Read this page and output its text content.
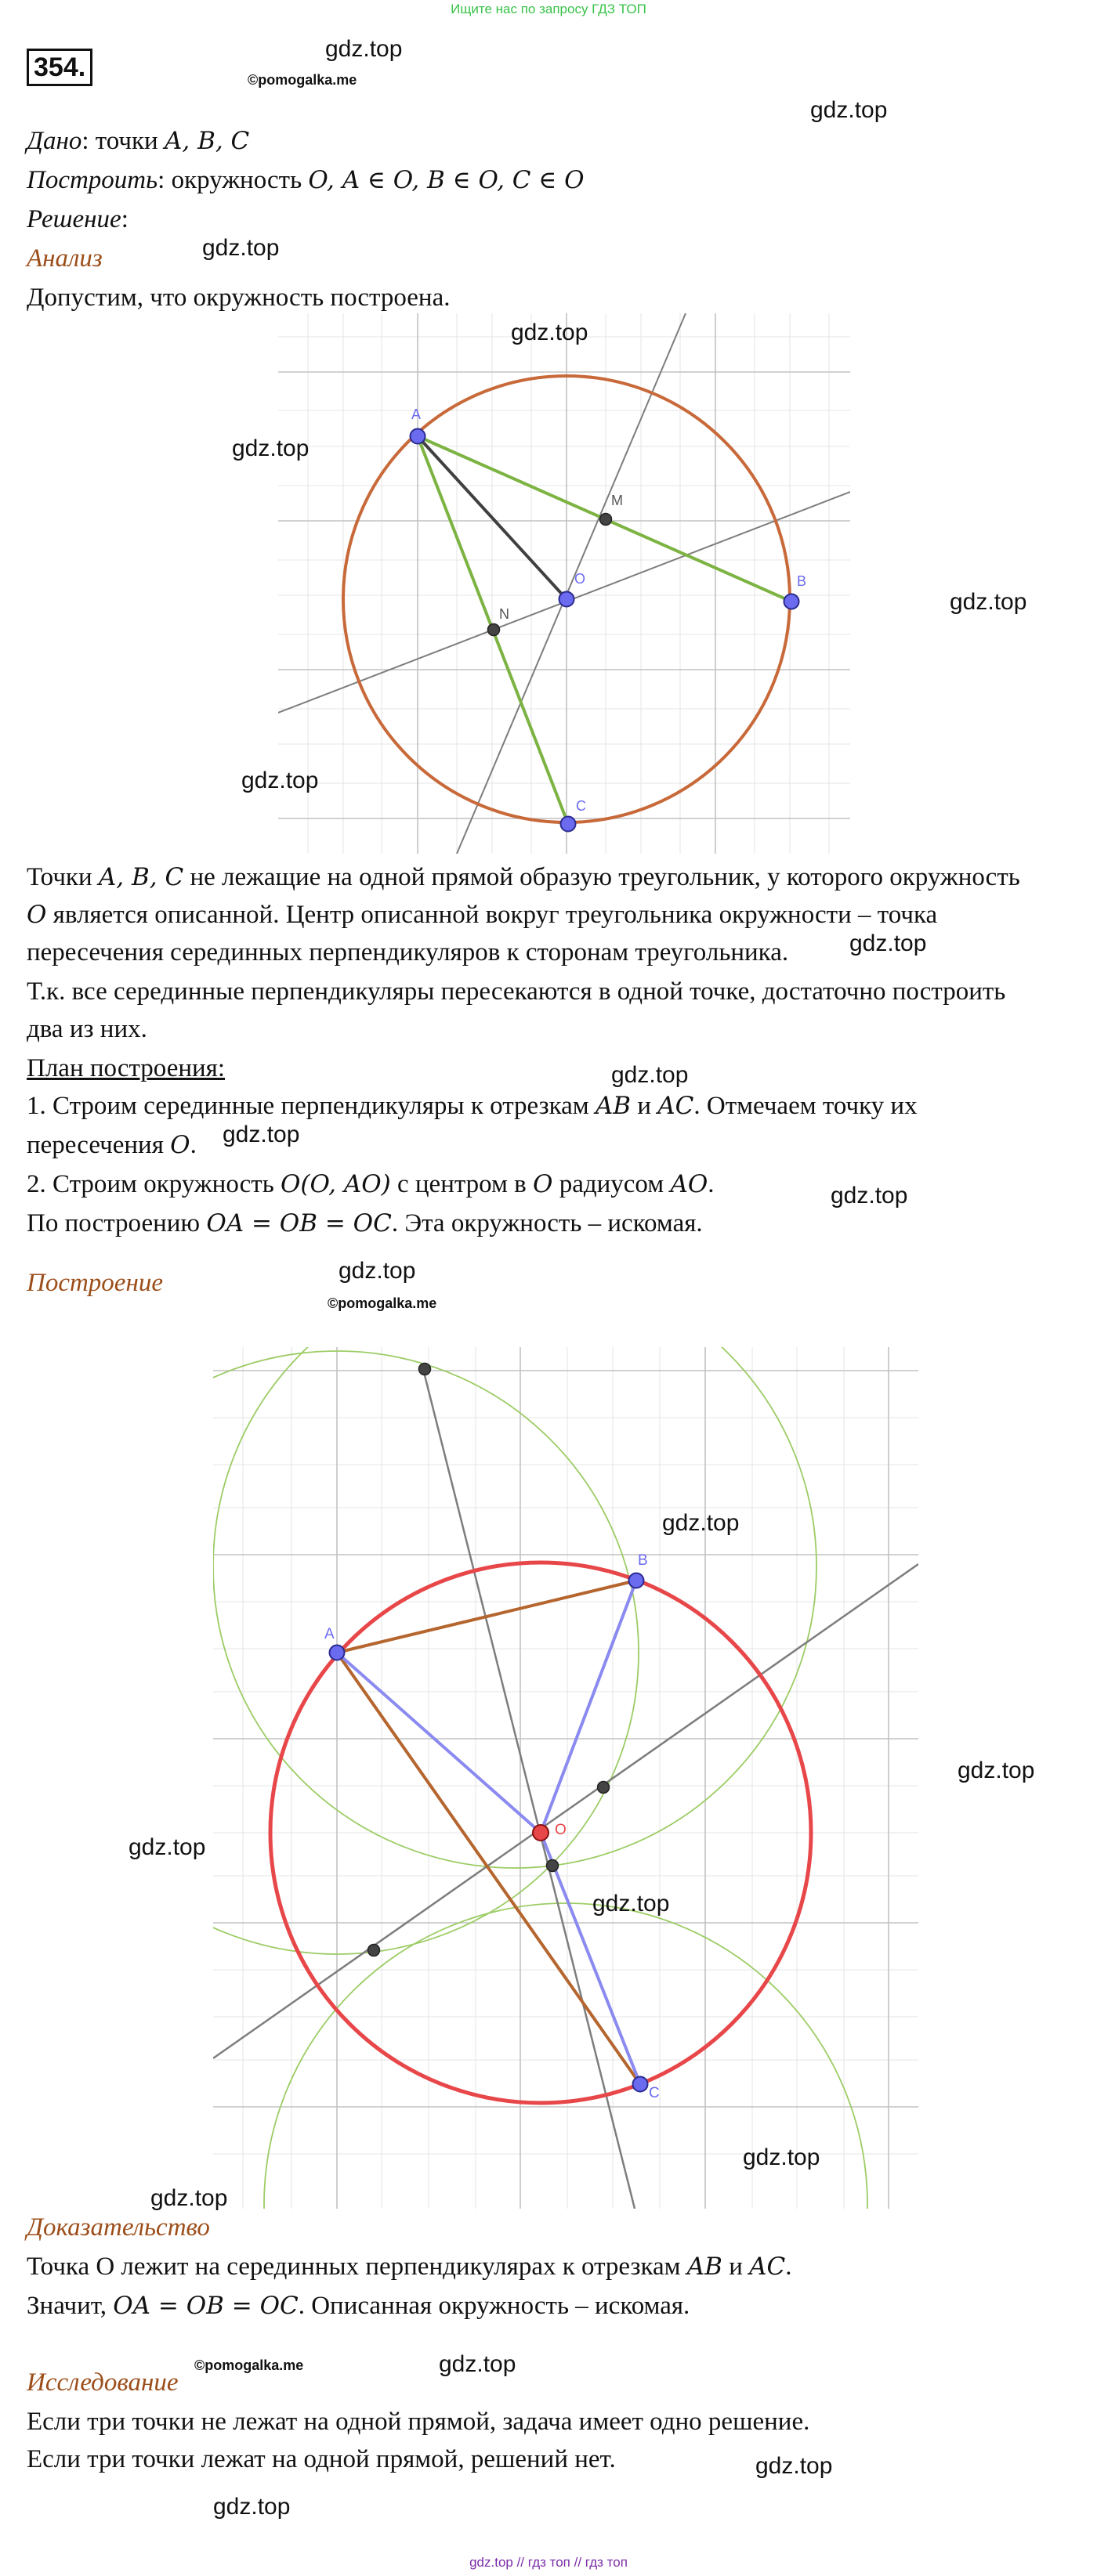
Ищите нас по запросу ГДЗ ТОП
354.
gdz.top
©pomogalka.me
gdz.top
Дано: точки A, B, C
Построить: окружность O, A ∈ O, B ∈ O, C ∈ O
Решение:
Анализ	gdz.top
Допустим, что окружность построена.
A
B
C
O
M
N
gdz.top
gdz.top
gdz.top
gdz.top
Точки A, B, C не лежащие на одной прямой образую треугольник, у которого окружность
O является описанной. Центр описанной вокруг треугольника окружности – точка
пересечения серединных перпендикуляров к сторонам треугольника.	gdz.top
Т.к. все серединные перпендикуляры пересекаются в одной точке, достаточно построить
два из них.
План построения:	gdz.top
1. Строим серединные перпендикуляры к отрезкам AB и AC. Отмечаем точку их
пересечения O. gdz.top
2. Строим окружность O(O, AO) с центром в O радиусом AO.	gdz.top
По построению OA = OB = OC. Эта окружность – искомая.
gdz.top
Построение
©pomogalka.me
A
B
C
O
gdz.top
gdz.top
gdz.top
gdz.top
gdz.top
gdz.top
Доказательство
Точка О лежит на серединных перпендикулярах к отрезкам AB и AC.
Значит, OA = OB = OC. Описанная окружность – искомая.
Исследование
©pomogalka.me	gdz.top
Если три точки не лежат на одной прямой, задача имеет одно решение.
Если три точки лежат на одной прямой, решений нет.	gdz.top
gdz.top
gdz.top // гдз топ // гдз топ
